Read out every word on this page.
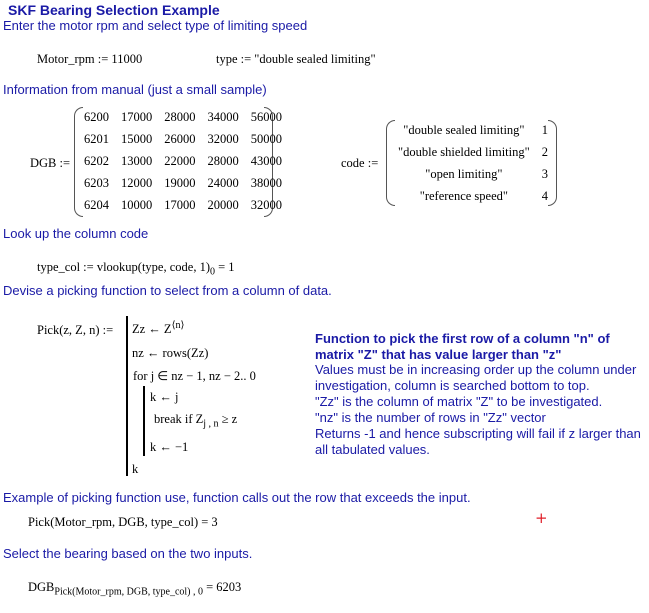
SKF Bearing Selection Example
Enter the motor rpm and select type of limiting speed
Motor_rpm := 11000	type := "double sealed limiting"
Information from manual (just a small sample)
DGB :=
6200	17000	28000	34000	56000
6201	15000	26000	32000	50000
6202	13000	22000	28000	43000
6203	12000	19000	24000	38000
6204	10000	17000	20000	32000
code :=
"double sealed limiting"	1
"double shielded limiting"	2
"open limiting"	3
"reference speed"	4
Look up the column code
type_col := vlookup(type, code, $1)_0 = 1$
Devise a picking function to select from a column of data.
Pick(z, Z, n) := Zz ← $Z^{⟨n⟩}$
nz ← rows(Zz)
for j ∈ nz − 1, nz − 2.. 0
k ← j
break if $Z_{j , n} \ge z$
k ← −1
k
Function to pick the first row of a column "n" of
matrix "Z" that has value larger than "z"
Values must be in increasing order up the column under
investigation, column is searched bottom to top.
"Zz" is the column of matrix "Z" to be investigated.
"nz" is the number of rows in "Zz" vector
Returns -1 and hence subscripting will fail if z larger than
all tabulated values.
Example of picking function use, function calls out the row that exceeds the input.
Pick(Motor_rpm, DGB, type_col) = 3	+
Select the bearing based on the two inputs.
$DGB_{Pick(Motor\_rpm, DGB, type\_col) , 0} = 6203$
